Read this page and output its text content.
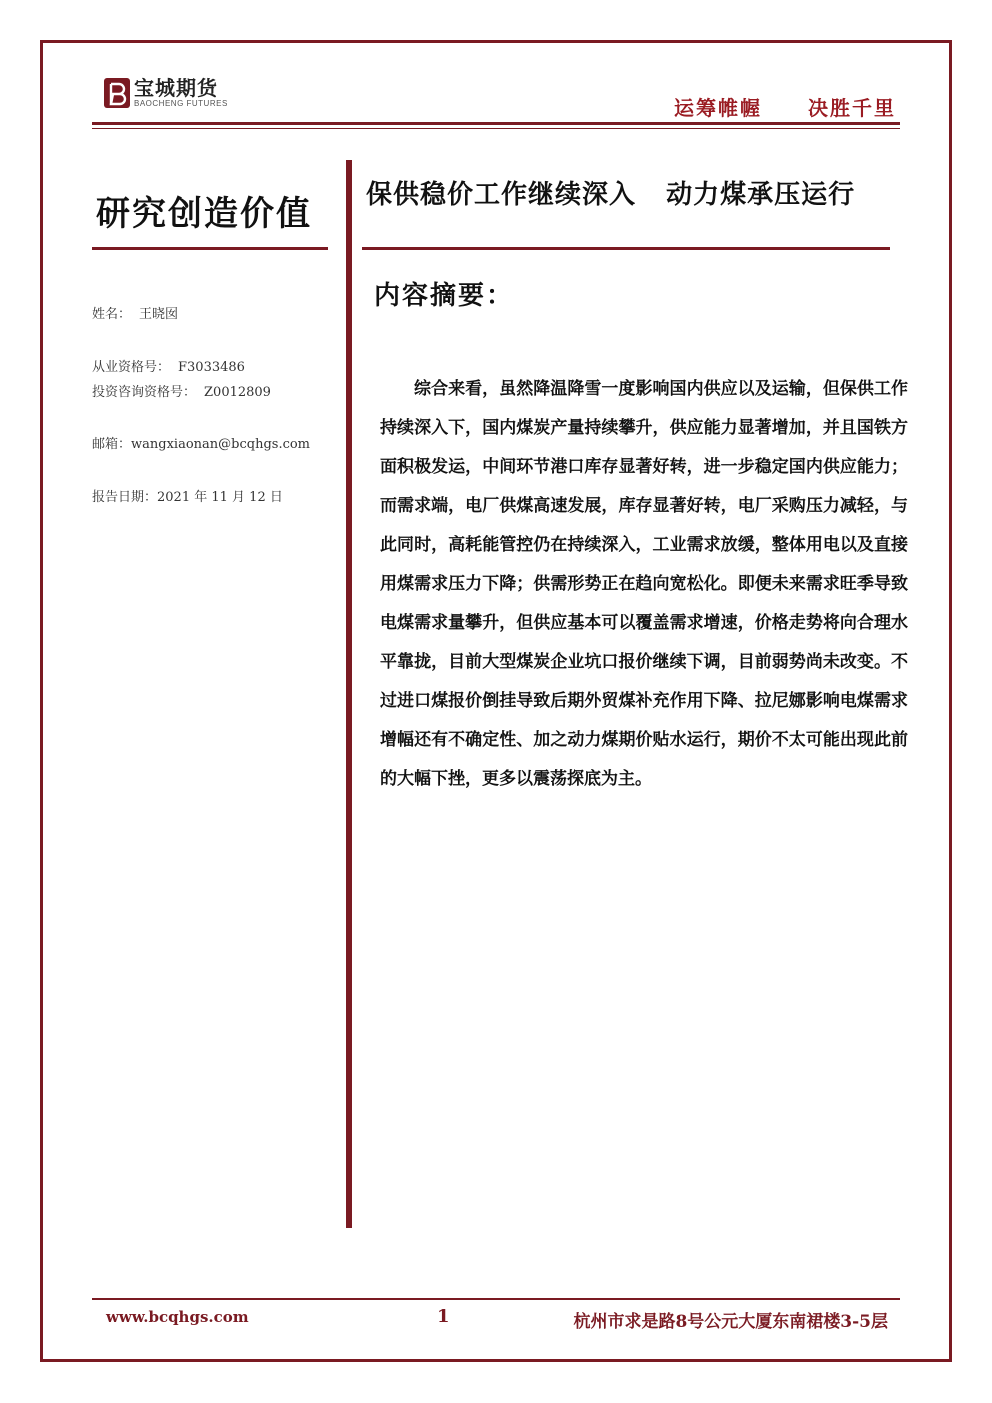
宝城期货
BAOCHENG FUTURES	运筹帷幄 决胜千里
研究创造价值 保供稳价工作继续深入   动力煤承压运行
内容摘要：
姓名： 王晓囡
从业资格号： F3033486
投资咨询资格号： Z0012809
邮箱：wangxiaonan@bcqhgs.com
报告日期：2021 年 11 月 12 日

综合来看，虽然降温降雪一度影响国内供应以及运输，但保供工作持续深入下，国内煤炭产量持续攀升，供应能力显著增加，并且国铁方面积极发运，中间环节港口库存显著好转，进一步稳定国内供应能力；而需求端，电厂供煤高速发展，库存显著好转，电厂采购压力减轻，与此同时，高耗能管控仍在持续深入，工业需求放缓，整体用电以及直接用煤需求压力下降；供需形势正在趋向宽松化。即便未来需求旺季导致电煤需求量攀升，但供应基本可以覆盖需求增速，价格走势将向合理水平靠拢，目前大型煤炭企业坑口报价继续下调，目前弱势尚未改变。不过进口煤报价倒挂导致后期外贸煤补充作用下降、拉尼娜影响电煤需求增幅还有不确定性、加之动力煤期价贴水运行，期价不太可能出现此前的大幅下挫，更多以震荡探底为主。

www.bcqhgs.com	1	杭州市求是路8号公元大厦东南裙楼3-5层
